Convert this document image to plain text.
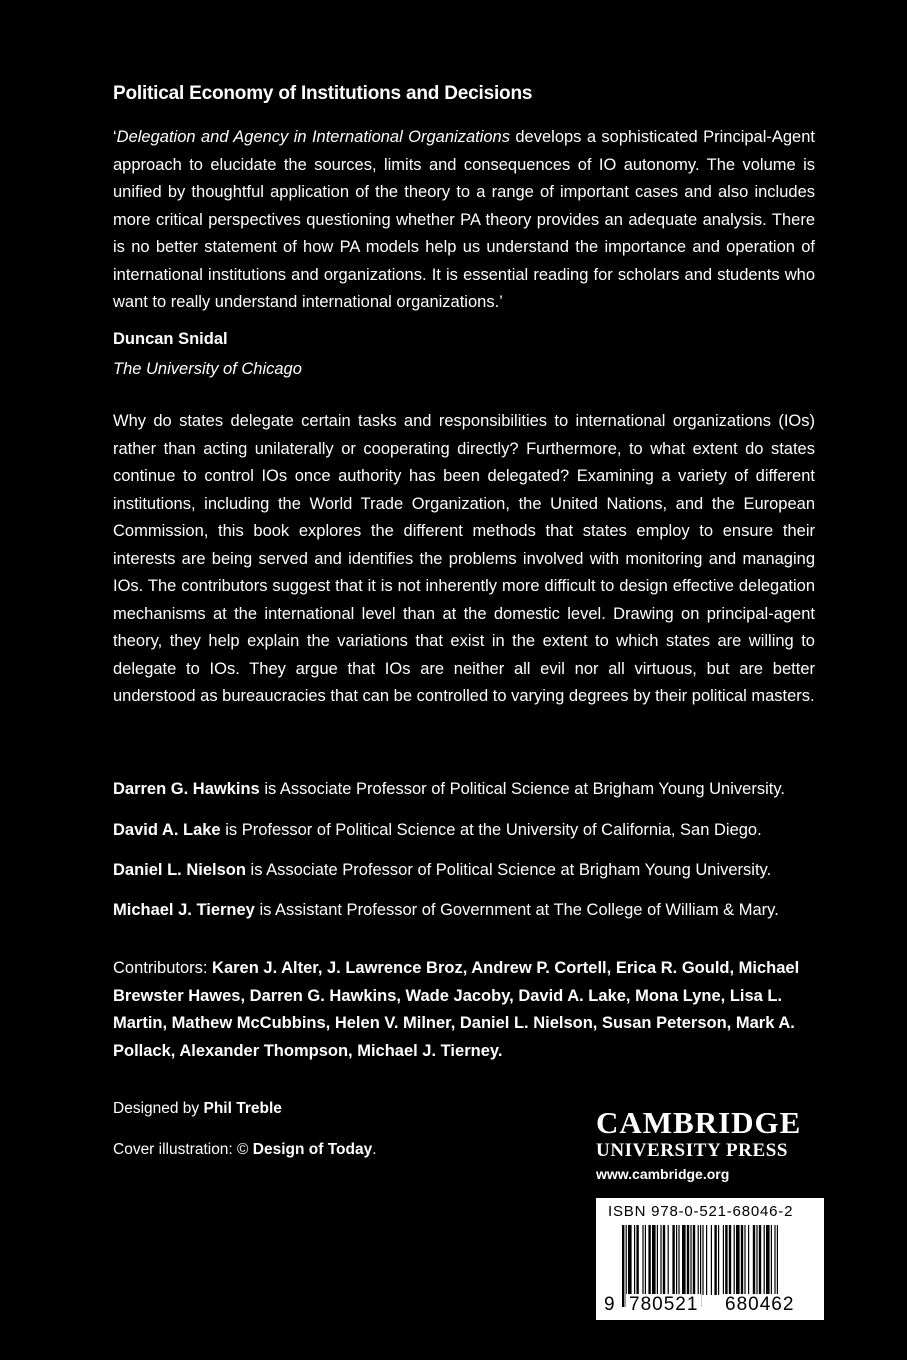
Political Economy of Institutions and Decisions
‘Delegation and Agency in International Organizations develops a sophisticated Principal-Agent approach to elucidate the sources, limits and consequences of IO autonomy. The volume is unified by thoughtful application of the theory to a range of important cases and also includes more critical perspectives questioning whether PA theory provides an adequate analysis. There is no better statement of how PA models help us understand the importance and operation of international institutions and organizations. It is essential reading for scholars and students who want to really understand international organizations.’
Duncan Snidal
The University of Chicago
Why do states delegate certain tasks and responsibilities to international organizations (IOs) rather than acting unilaterally or cooperating directly? Furthermore, to what extent do states continue to control IOs once authority has been delegated? Examining a variety of different institutions, including the World Trade Organization, the United Nations, and the European Commission, this book explores the different methods that states employ to ensure their interests are being served and identifies the problems involved with monitoring and managing IOs. The contributors suggest that it is not inherently more difficult to design effective delegation mechanisms at the international level than at the domestic level. Drawing on principal-agent theory, they help explain the variations that exist in the extent to which states are willing to delegate to IOs. They argue that IOs are neither all evil nor all virtuous, but are better understood as bureaucracies that can be controlled to varying degrees by their political masters.
Darren G. Hawkins is Associate Professor of Political Science at Brigham Young University.
David A. Lake is Professor of Political Science at the University of California, San Diego.
Daniel L. Nielson is Associate Professor of Political Science at Brigham Young University.
Michael J. Tierney is Assistant Professor of Government at The College of William & Mary.
Contributors: Karen J. Alter, J. Lawrence Broz, Andrew P. Cortell, Erica R. Gould, Michael Brewster Hawes, Darren G. Hawkins, Wade Jacoby, David A. Lake, Mona Lyne, Lisa L. Martin, Mathew McCubbins, Helen V. Milner, Daniel L. Nielson, Susan Peterson, Mark A. Pollack, Alexander Thompson, Michael J. Tierney.
Designed by Phil Treble
Cover illustration: © Design of Today.
CAMBRIDGE
UNIVERSITY PRESS
www.cambridge.org
ISBN 978-0-521-68046-2
9 780521 680462
